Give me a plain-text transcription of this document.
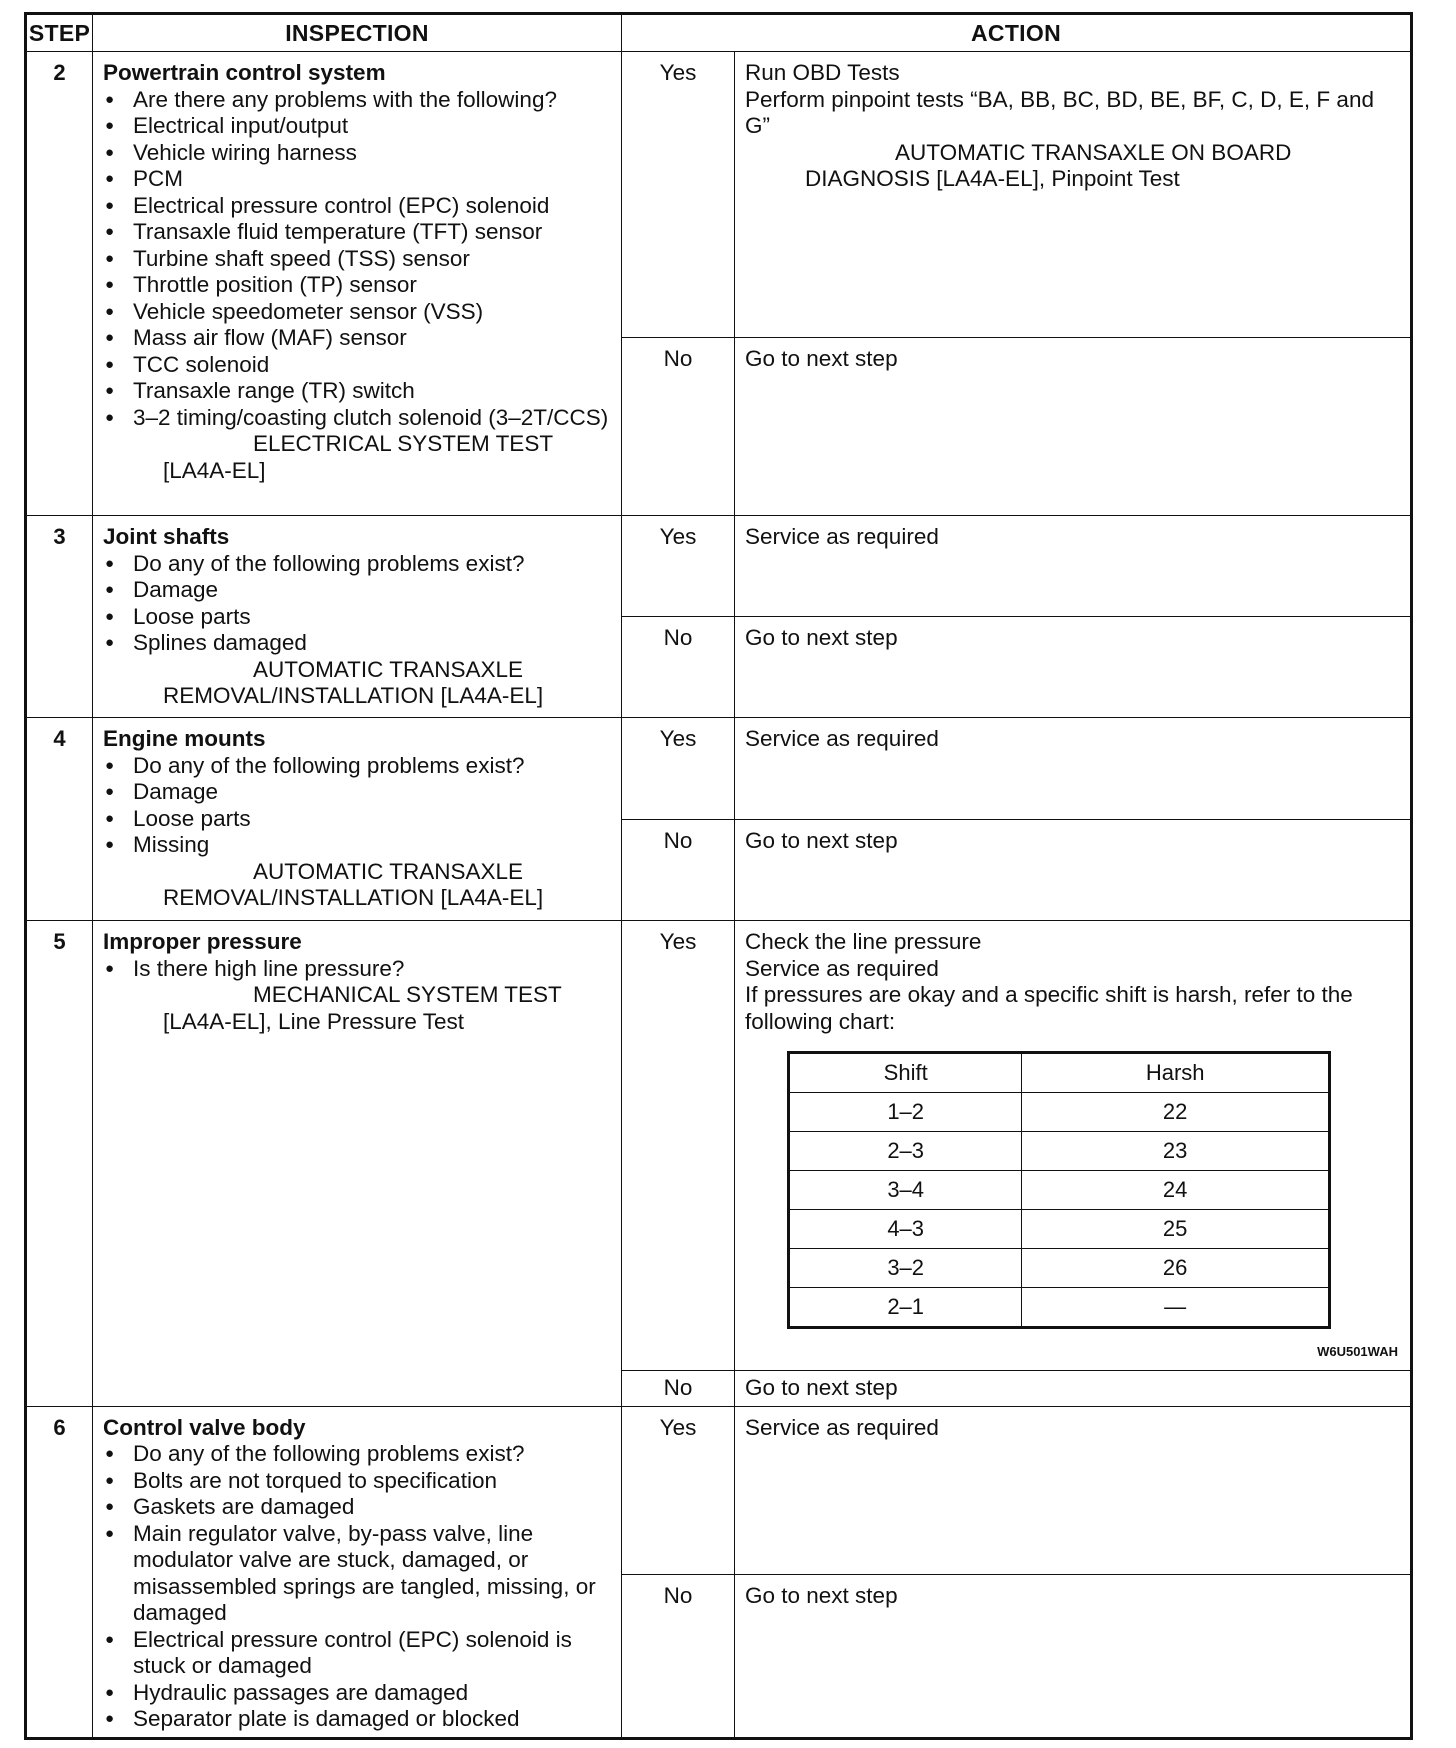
STEP	INSPECTION	ACTION
2	Powertrain control system
● Are there any problems with the following?
● Electrical input/output
● Vehicle wiring harness
● PCM
● Electrical pressure control (EPC) solenoid
● Transaxle fluid temperature (TFT) sensor
● Turbine shaft speed (TSS) sensor
● Throttle position (TP) sensor
● Vehicle speedometer sensor (VSS)
● Mass air flow (MAF) sensor
● TCC solenoid
● Transaxle range (TR) switch
● 3–2 timing/coasting clutch solenoid (3–2T/CCS)
ELECTRICAL SYSTEM TEST
[LA4A-EL]
	Yes	Run OBD Tests
Perform pinpoint tests “BA, BB, BC, BD, BE, BF, C, D, E, F and G”
AUTOMATIC TRANSAXLE ON BOARD
DIAGNOSIS [LA4A-EL], Pinpoint Test

No	Go to next step
3	Joint shafts
● Do any of the following problems exist?
● Damage
● Loose parts
● Splines damaged
AUTOMATIC TRANSAXLE
REMOVAL/INSTALLATION [LA4A-EL]
	Yes	Service as required
No	Go to next step
4	Engine mounts
● Do any of the following problems exist?
● Damage
● Loose parts
● Missing
AUTOMATIC TRANSAXLE
REMOVAL/INSTALLATION [LA4A-EL]
	Yes	Service as required
No	Go to next step
5	Improper pressure
● Is there high line pressure?
MECHANICAL SYSTEM TEST
[LA4A-EL], Line Pressure Test
	Yes	Check the line pressure
Service as required
If pressures are okay and a specific shift is harsh, refer to the following chart:
Shift	Harsh
1–2	22
2–3	23
3–4	24
4–3	25
3–2	26
2–1	—
W6U501WAH

No	Go to next step
6	Control valve body
● Do any of the following problems exist?
● Bolts are not torqued to specification
● Gaskets are damaged
● Main regulator valve, by-pass valve, line modulator valve are stuck, damaged, or misassembled springs are tangled, missing, or damaged
● Electrical pressure control (EPC) solenoid is stuck or damaged
● Hydraulic passages are damaged
● Separator plate is damaged or blocked
	Yes	Service as required
No	Go to next step
